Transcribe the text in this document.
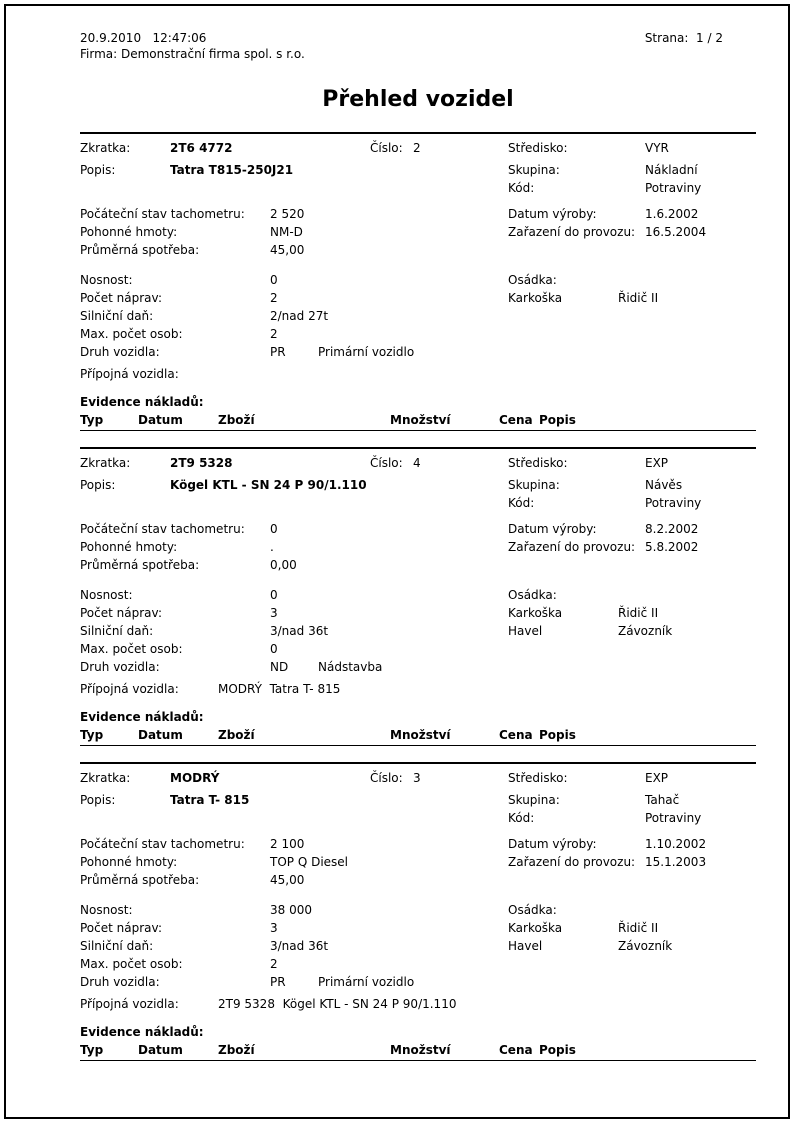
20.9.2010   12:47:06
Firma: Demonstrační firma spol. s r.o.
Strana:  1 / 2
Přehled vozidel
Zkratka:	2T6 4772	Číslo: 2	Středisko:	VYR
Popis:	Tatra T815-250J21	Skupina:	Nákladní
Kód:	Potraviny
Počáteční stav tachometru: 2 520	Datum výroby:	1.6.2002
Pohonné hmoty:	NM-D	Zařazení do provozu: 16.5.2004
Průměrná spotřeba:	45,00
Nosnost:	0	Osádka:
Počet náprav:	2	Karkoška	Řidič II
Silniční daň:	2/nad 27t
Max. počet osob:	2
Druh vozidla:	PR	Primární vozidlo
Přípojná vozidla:
Evidence nákladů:
Typ	Datum	Zboží	Množství	Cena Popis
Zkratka:	2T9 5328	Číslo: 4	Středisko:	EXP
Popis:	Kögel KTL - SN 24 P 90/1.110	Skupina:	Návěs
Kód:	Potraviny
Počáteční stav tachometru: 0	Datum výroby:	8.2.2002
Pohonné hmoty:	.	Zařazení do provozu: 5.8.2002
Průměrná spotřeba:	0,00
Nosnost:	0	Osádka:
Počet náprav:	3	Karkoška	Řidič II
Silniční daň:	3/nad 36t	Havel	Závozník
Max. počet osob:	0
Druh vozidla:	ND Nádstavba
Přípojná vozidla:	MODRÝ  Tatra T- 815
Evidence nákladů:
Typ	Datum	Zboží	Množství	Cena Popis
Zkratka:	MODRÝ	Číslo: 3	Středisko:	EXP
Popis:	Tatra T- 815	Skupina:	Tahač
Kód:	Potraviny
Počáteční stav tachometru: 2 100	Datum výroby:	1.10.2002
Pohonné hmoty:	TOP Q Diesel	Zařazení do provozu: 15.1.2003
Průměrná spotřeba:	45,00
Nosnost:	38 000	Osádka:
Počet náprav:	3	Karkoška	Řidič II
Silniční daň:	3/nad 36t	Havel	Závozník
Max. počet osob:	2
Druh vozidla:	PR	Primární vozidlo
Přípojná vozidla:	2T9 5328  Kögel KTL - SN 24 P 90/1.110
Evidence nákladů:
Typ	Datum	Zboží	Množství	Cena Popis
